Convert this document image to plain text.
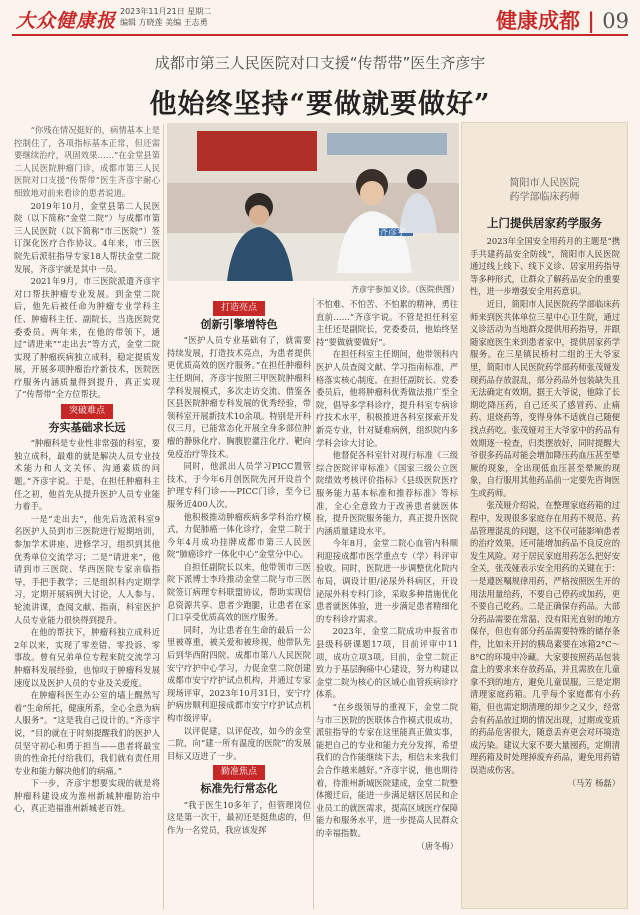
大众健康报 2023年11月21日 星期二
编辑 方晓莲 美编 王志勇	健康成都 | 09
成都市第三人民医院对口支援“传帮带”医生齐彦宇
他始终坚持“要做就要做好”

“你残在情况挺好的，病情基本上是控制住了，各项指标基本正常，但还需要继续治疗，巩固效果……”在金堂县第二人民医院肿瘤门诊，成都市第三人民医院对口支援“传帮带”医生齐彦宇耐心细致地对前来看诊的患者说道。

2019年10月，金堂县第二人民医院（以下简称“金堂二院”）与成都市第三人民医院（以下简称“市三医院”）签订深化医疗合作协议。4年来，市三医院先后派驻指导专家18人帮扶金堂二院发展，齐彦宇就是其中一员。

2021年9月，市三医院派遣齐彦宇对口帮扶肿瘤专业发展。到金堂二院后，他先后被任命为肿瘤专业学科主任、肿瘤科主任、副院长，当选医院党委委员。两年来，在他的带领下，通过“请进来”“走出去”等方式，金堂二院实现了肿瘤疾病独立成科，稳定提质发展，开展多项肿瘤治疗新技术，医院医疗服务内涵质量得到提升，真正实现了“传帮带”全方位帮扶。

突破难点
夯实基础求长远

“肿瘤科是专业性非常强的科室，要独立成科，最难的就是解决人员专业技术能力和人文关怀、沟通素质的问题。”齐彦宇说。于是，在担任肿瘤科主任之初，他首先从提升医护人员专业能力着手。

一是“走出去”，他先后选派科室9名医护人员到市三医院进行短期培训，参加学术讲座、进修学习，组织到其他优秀单位交流学习；二是“请进来”，他请到市三医院、华西医院专家亲临指导，手把手教学；三是组织科内定期学习，定期开展病例大讨论，人人参与、轮流讲课，查阅文献、指南，科室医护人员专业能力很快得到提升。

在他的帮扶下，肿瘤科独立成科近2年以来，实现了零差错、零投诉、零事故。曾有兄弟单位专程来院交流学习肿瘤科发展经验，也惊叹于肿瘤科发展速度以及医护人员的专业及关爱度。

在肿瘤科医生办公室的墙上醒然写着“生命所托，健康所系，全心全意为病人服务”。“这是我自己设计的。”齐彦宇说，“目的就在于时刻提醒我们的医护人员坚守初心和勇于担当——患者将最宝贵的性命托付给我们，我们就有责任用专业和能力解决他们的病痛。”

下一步，齐彦宇想要实现的就是将肿瘤科建设成为淮州新城肿瘤防治中心，真正造福淮州新城老百姓。

齐彦宇
齐彦宇参加义诊。（医院供图）
打造亮点
创新引擎增特色

“医护人员专业基础有了，就需要持续发展，打造技术亮点，为患者提供更优质高效的医疗服务。”在担任肿瘤科主任期间，齐彦宇按照三甲医院肿瘤科学科发展模式，多次走访交流、借鉴各区县医院肿瘤专科发展的优秀经验，带领科室开展新技术10余项。特别是开科仅三月，已能常态化开展全身多部位肿瘤的静脉化疗、胸腹腔灌注化疗、靶向免疫治疗等技术。

同时，他派出人员学习PICC置管技术，于今年6月创医院先河开设首个护理专科门诊——PICC门诊，至今已服务近400人次。

他积极推动肿瘤疾病多学科治疗模式，力促肺癌一体化诊疗，金堂二院于今年4月成功挂牌成都市第三人民医院“肺癌诊疗一体化中心”金堂分中心。

自担任副院长以来，他带领市三医院下派博士李玲推动金堂二院与市三医院签订病理专科联盟协议，帮助实现信息资源共享、患者少跑腿，让患者在家门口享受优质高效的医疗服务。

同时，为让患者在生命的最后一公里被尊重，被关爱和被珍视，他带队先后到华西附四院、成都市第八人民医院安宁疗护中心学习，力促金堂二院创建成都市安宁疗护试点机构，并通过专家现场评审，2023年10月31日，安宁疗护病房顺利迎接成都市安宁疗护试点机构市级评审。

以评促建，以评促改，如今的金堂二院，向“建一所有温度的医院”的发展目标又迈进了一步。

勤准焦点
标准先行常态化

“我于医生10多年了，但管理岗位这是第一次干，最初还是挺焦虑的，但作为一名党员，我应该发挥

不怕难、不怕苦、不怕累的精神，勇往直前……”齐彦宇说。不管是担任科室主任还是副院长，党委委员，他始终坚持“要做就要做好”。

在担任科室主任期间，他带领科内医护人员查阅文献、学习指南标准，严格落实核心制度。在担任副院长、党委委员后，他将肿瘤科优秀做法推广至全院，倡导多学科诊疗，提升科室专病诊疗技术水平，积极推进各科室探索开发新亮专业，针对疑难病例，组织院内多学科会诊大讨论。

他督促各科室针对现行标准《三级综合医院评审标准》《国家三级公立医院绩效考核评价指标》《县级医院医疗服务能力基本标准和推荐标准》等标准，全心全意致力于改善患者就医体验，提升医院服务能力，真正提升医院内涵质量建设水平。

今年8月，金堂二院心血管内科顺利迎接成都市医学重点专（学）科评审验收。同时，医院进一步调整优化院内布局，调设计胆/泌尿外科病区，开设泌尿外科专科门诊，采取多种措施优化患者就医体验，进一步满足患者精细化的专科诊疗需求。

2023年，金堂二院成功申报省市县级科研课题17项，目前评审中11项，成功立项3项。目前，金堂二院正致力于基层胸痛中心建设，努力构建以金堂二院为核心的区域心血管疾病诊疗体系。

“在乡级领导的重视下，金堂二院与市三医院的医联体合作模式很成功，派驻指导的专家在这里能真正做实事，能把自己的专业和能力充分发挥，希望我们的合作能继续下去，相信未来我们会合作越来越好。”齐彦宇说，他也期待着，待淮州新城医院建成，金堂二院整体搬迁后，能进一步满足辖区居民和企业员工的就医需求，提高区域医疗保障能力和服务水平，进一步提高人民群众的幸福指数。

（唐冬梅）
简阳市人民医院
药学部临床药师
上门提供居家药学服务

2023年全国安全用药月的主题是“携手共建药品安全防线”，简阳市人民医院通过线上线下、线下义诊、居家用药指导等多种形式，让群众了解药品安全的重要性，进一步增强安全用药意识。

近日，简阳市人民医院药学部临床药师来到医共体单位三星中心卫生院，通过义诊活动为当地群众提供用药指导，并跟随家庭医生来到患者家中，提供居家药学服务。在三星镇民桥村二组的王大爷家里，简阳市人民医院药学部药师张茂娅发现药品存放混乱，部分药品外包装缺失且无法确定有效期。据王大爷说，他除了长期吃降压药，自己还买了感冒药、止痛药、退烧药等，变得身体不适就自己随便找点药吃。张茂娅对王大爷家中的药品有效期逐一检查，归类摆放好，同时提醒大爷很多药品对能会增加降压药血压甚至晕厥的现象，全出现低血压甚至晕厥的现象，自行服用其他药品前一定要先咨询医生或药师。

张茂娅介绍说，在整理家庭药箱的过程中，发现很多家庭存在用药不规范、药品管理混乱的问题，这不仅可能影响患者的治疗效果，还可能增加药品不良反应的发生风险。对于居民家庭用药怎么把好安全关，张茂娅表示安全用药的关键在于：一是遵医嘱规律用药，严格按照医生开的用法用量给药，不要自己停药或加药，更不要自己吃药。二是正确保存药品。大部分药品需要在常温、没有阳光直射的地方保存，但也有部分药品需要特殊的储存条件，比如未开封的胰岛素要在冰箱2°C～8°C的环境中冷藏。大家要按照药品包装盒上的要求来存放药品，并且需放在儿童拿不到的地方，避免儿童误服。三是定期清理家庭药箱。几乎每个家庭都有小药箱，但也需定期清理的却少之又少，经常会有药品放过期的情况出现，过期或变质的药品危害很大，随意丢弃更会对环境造成污染。建议大家不要大量囤药，定期清理药箱及时处理掉废弃药品，避免用药错误造成伤害。

（马芳 杨磊）
